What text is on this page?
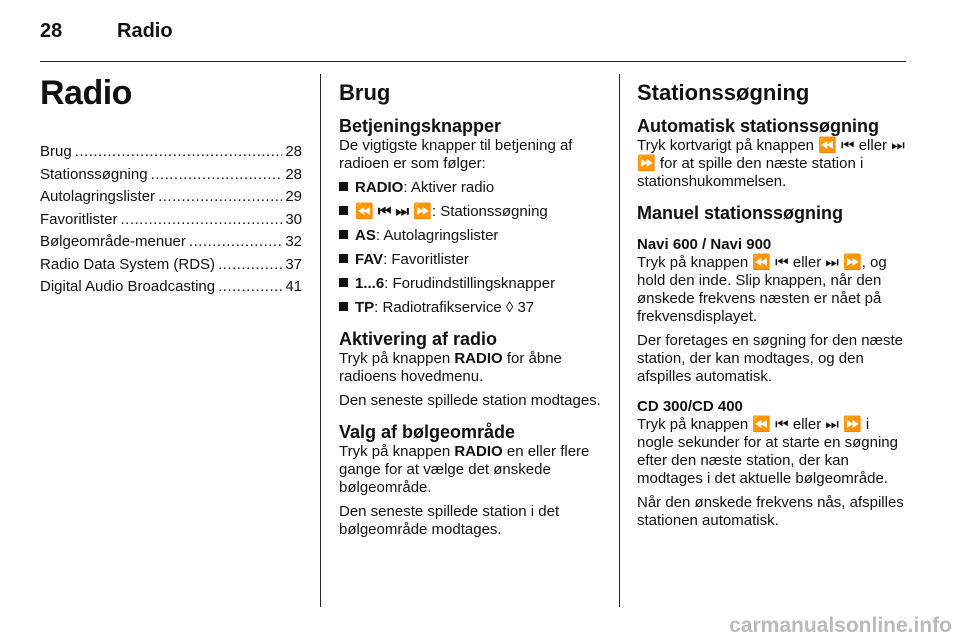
28	Radio
Radio
Brug .....	28
Stationssøgning .....	28
Autolagringslister .....	29
Favoritlister .....	30
Bølgeområde-menuer .....	32
Radio Data System (RDS) .....	37
Digital Audio Broadcasting .....	41
Brug
Betjeningsknapper

De vigtigste knapper til betjening af radioen er som følger:

RADIO: Aktiver radio
⏪ ⏮ ⏭ ⏩: Stationssøgning
AS: Autolagringslister
FAV: Favoritlister
1...6: Forudindstillingsknapper
TP: Radiotrafikservice ◊ 37
Aktivering af radio

Tryk på knappen RADIO for åbne radioens hovedmenu.

Den seneste spillede station modtages.

Valg af bølgeområde

Tryk på knappen RADIO en eller flere gange for at vælge det ønskede bølgeområde.

Den seneste spillede station i det bølgeområde modtages.

Stationssøgning
Automatisk stationssøgning

Tryk kortvarigt på knappen ⏪ ⏮ eller ⏭ ⏩ for at spille den næste station i stationshukommelsen.

Manuel stationssøgning
Navi 600 / Navi 900

Tryk på knappen ⏪ ⏮ eller ⏭ ⏩, og hold den inde. Slip knappen, når den ønskede frekvens næsten er nået på frekvensdisplayet.

Der foretages en søgning for den næste station, der kan modtages, og den afspilles automatisk.

CD 300/CD 400

Tryk på knappen ⏪ ⏮ eller ⏭ ⏩ i nogle sekunder for at starte en søgning efter den næste station, der kan modtages i det aktuelle bølgeområde.

Når den ønskede frekvens nås, afspilles stationen automatisk.

carmanualsonline.info
